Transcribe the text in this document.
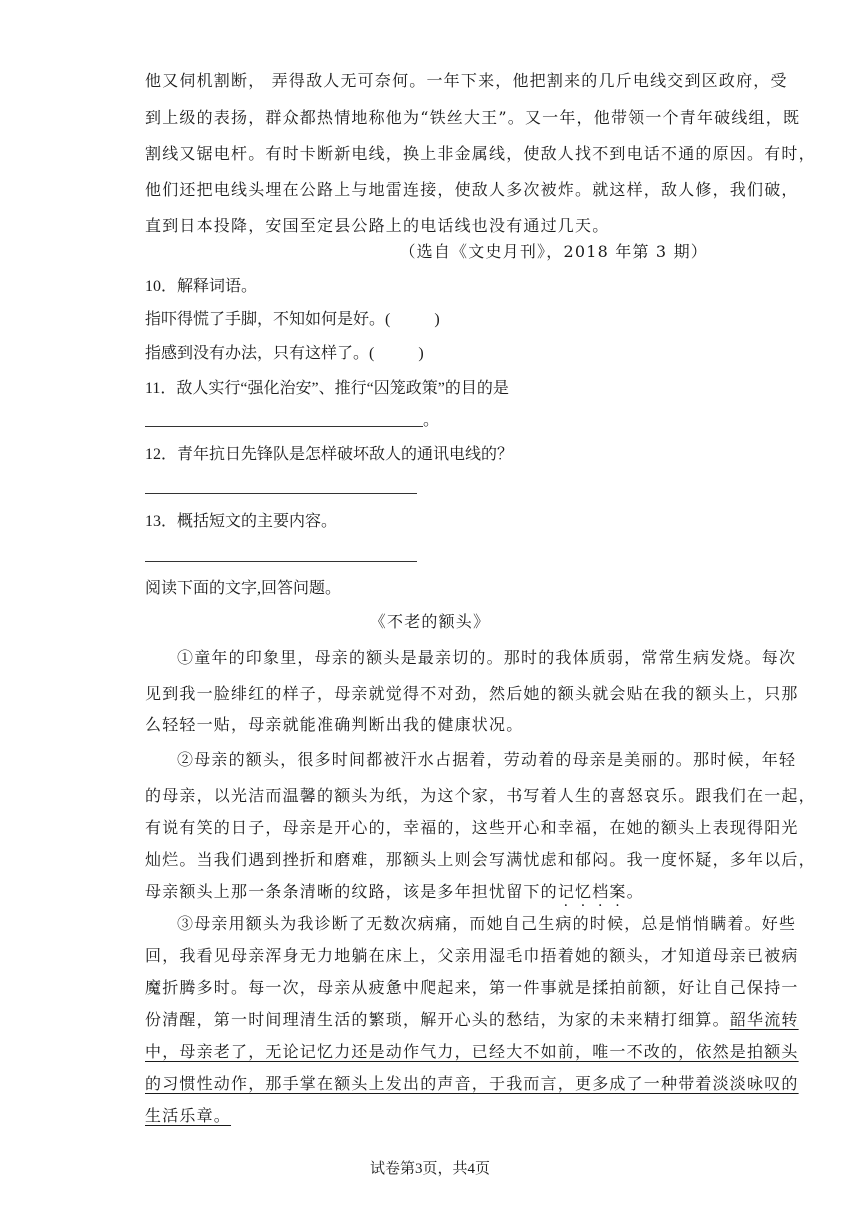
他又伺机割断， 弄得敌人无可奈何。一年下来，他把割来的几斤电线交到区政府，受
到上级的表扬，群众都热情地称他为“铁丝大王”。又一年，他带领一个青年破线组，既
割线又锯电杆。有时卡断新电线，换上非金属线，使敌人找不到电话不通的原因。有时，
他们还把电线头埋在公路上与地雷连接，使敌人多次被炸。就这样，敌人修，我们破，
直到日本投降，安国至定县公路上的电话线也没有通过几天。
（选自《文史月刊》，2018 年第 3 期）
10．解释词语。
指吓得慌了手脚，不知如何是好。(	)
指感到没有办法，只有这样了。(	)
11．敌人实行“强化治安”、推行“囚笼政策”的目的是
。
12．青年抗日先锋队是怎样破坏敌人的通讯电线的？
13．概括短文的主要内容。
阅读下面的文字,回答问题。
《不老的额头》
①童年的印象里，母亲的额头是最亲切的。那时的我体质弱，常常生病发烧。每次
见到我一脸绯红的样子，母亲就觉得不对劲，然后她的额头就会贴在我的额头上，只那
么轻轻一贴，母亲就能准确判断出我的健康状况。
②母亲的额头，很多时间都被汗水占据着，劳动着的母亲是美丽的。那时候，年轻
的母亲，以光洁而温馨的额头为纸，为这个家，书写着人生的喜怒哀乐。跟我们在一起，
有说有笑的日子，母亲是开心的，幸福的，这些开心和幸福，在她的额头上表现得阳光
灿烂。当我们遇到挫折和磨难，那额头上则会写满忧虑和郁闷。我一度怀疑，多年以后，
母亲额头上那一条条清晰的纹路，该是多年担忧留下的记忆档案。
③母亲用额头为我诊断了无数次病痛，而她自己生病的时候，总是悄悄瞒着。好些
回，我看见母亲浑身无力地躺在床上，父亲用湿毛巾捂着她的额头，才知道母亲已被病
魔折腾多时。每一次，母亲从疲惫中爬起来，第一件事就是揉拍前额，好让自己保持一
份清醒，第一时间理清生活的繁琐，解开心头的愁结，为家的未来精打细算。韶华流转
中，母亲老了，无论记忆力还是动作气力，已经大不如前，唯一不改的，依然是拍额头
的习惯性动作，那手掌在额头上发出的声音，于我而言，更多成了一种带着淡淡咏叹的
生活乐章。
试卷第3页，共4页
